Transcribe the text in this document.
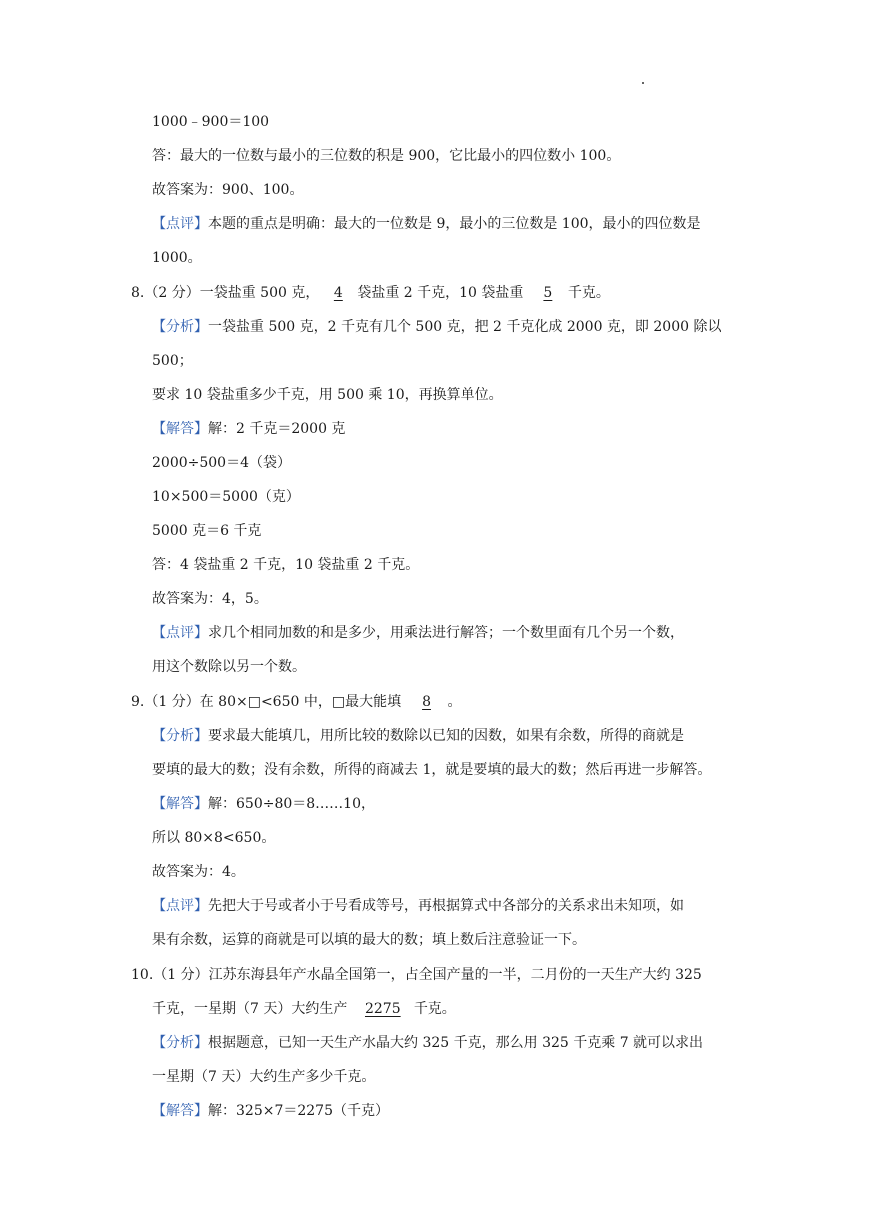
1000﹣900＝100
答：最大的一位数与最小的三位数的积是 900，它比最小的四位数小 100。
故答案为：900、100。
【点评】本题的重点是明确：最大的一位数是 9，最小的三位数是 100，最小的四位数是
1000。
8.（2 分）一袋盐重 500 克， 4 袋盐重 2 千克，10 袋盐重 5 千克。
【分析】一袋盐重 500 克，2 千克有几个 500 克，把 2 千克化成 2000 克，即 2000 除以
500；
要求 10 袋盐重多少千克，用 500 乘 10，再换算单位。
【解答】解：2 千克＝2000 克
2000÷500＝4（袋）
10×500＝5000（克）
5000 克＝6 千克
答：4 袋盐重 2 千克，10 袋盐重 2 千克。
故答案为：4，5。
【点评】求几个相同加数的和是多少，用乘法进行解答；一个数里面有几个另一个数，
用这个数除以另一个数。
9.（1 分）在 80×□<650 中，□最大能填 8 。
【分析】要求最大能填几，用所比较的数除以已知的因数，如果有余数，所得的商就是
要填的最大的数；没有余数，所得的商减去 1，就是要填的最大的数；然后再进一步解答。
【解答】解：650÷80＝8……10，
所以 80×8<650。
故答案为：4。
【点评】先把大于号或者小于号看成等号，再根据算式中各部分的关系求出未知项，如
果有余数，运算的商就是可以填的最大的数；填上数后注意验证一下。
10.（1 分）江苏东海县年产水晶全国第一，占全国产量的一半，二月份的一天生产大约 325
千克，一星期（7 天）大约生产 2275 千克。
【分析】根据题意，已知一天生产水晶大约 325 千克，那么用 325 千克乘 7 就可以求出
一星期（7 天）大约生产多少千克。
【解答】解：325×7＝2275（千克）
